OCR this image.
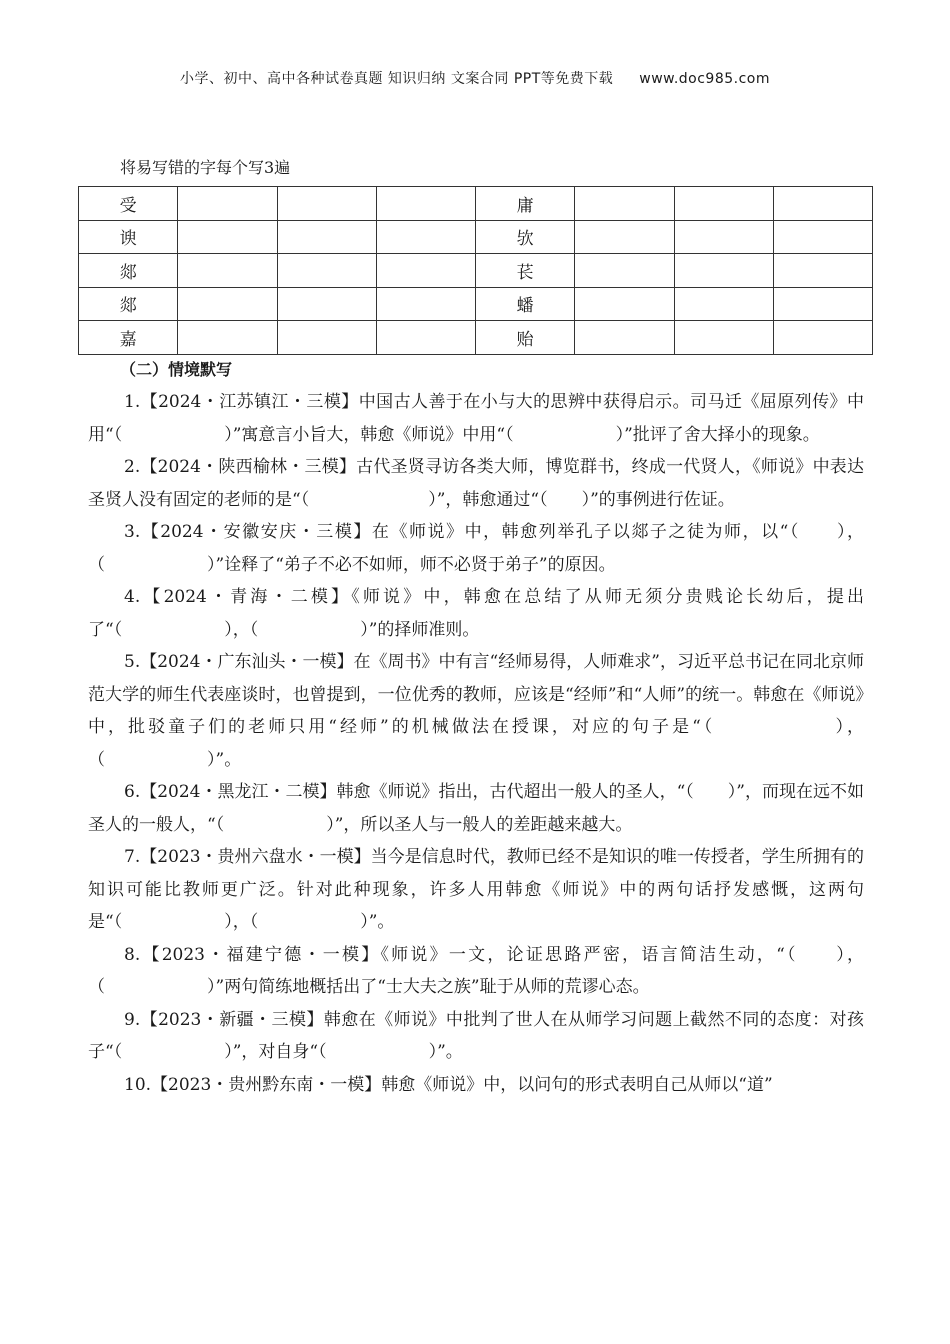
小学、初中、高中各种试卷真题 知识归纳 文案合同 PPT等免费下载 www.doc985.com
将易写错的字每个写3遍
受				庸			
谀				欤			
郯				苌			
郯				蟠			
嘉				贻			
（二）情境默写

1.【2024・江苏镇江・三模】中国古人善于在小与大的思辨中获得启示。司马迁《屈原列传》中用“（　　　　　　）”寓意言小旨大，韩愈《师说》中用“（　　　　　　）”批评了舍大择小的现象。

2.【2024・陕西榆林・三模】古代圣贤寻访各类大师，博览群书，终成一代贤人，《师说》中表达圣贤人没有固定的老师的是“（　　　　　　　）”，韩愈通过“（　　）”的事例进行佐证。

3.【2024・安徽安庆・三模】在《师说》中，韩愈列举孔子以郯子之徒为师，以“（　　），（　　　　　　）”诠释了“弟子不必不如师，师不必贤于弟子”的原因。

4.【2024・青海・二模】《师说》中，韩愈在总结了从师无须分贵贱论长幼后，提出了“（　　　　　　），（　　　　　　）”的择师准则。

5.【2024・广东汕头・一模】在《周书》中有言“经师易得，人师难求”，习近平总书记在同北京师范大学的师生代表座谈时，也曾提到，一位优秀的教师，应该是“经师”和“人师”的统一。韩愈在《师说》中，批驳童子们的老师只用“经师”的机械做法在授课，对应的句子是“（　　　　　　），（　　　　　　）”。

6.【2024・黑龙江・二模】韩愈《师说》指出，古代超出一般人的圣人，“（　　）”，而现在远不如圣人的一般人，“（　　　　　　）”，所以圣人与一般人的差距越来越大。

7.【2023・贵州六盘水・一模】当今是信息时代，教师已经不是知识的唯一传授者，学生所拥有的知识可能比教师更广泛。针对此种现象，许多人用韩愈《师说》中的两句话抒发感慨，这两句是“（　　　　　　），（　　　　　　）”。

8.【2023・福建宁德・一模】《师说》一文，论证思路严密，语言简洁生动，“（　　），（　　　　　　）”两句简练地概括出了“士大夫之族”耻于从师的荒谬心态。

9.【2023・新疆・三模】韩愈在《师说》中批判了世人在从师学习问题上截然不同的态度：对孩子“（　　　　　　）”，对自身“（　　　　　　）”。

10.【2023・贵州黔东南・一模】韩愈《师说》中，以问句的形式表明自己从师以“道”
